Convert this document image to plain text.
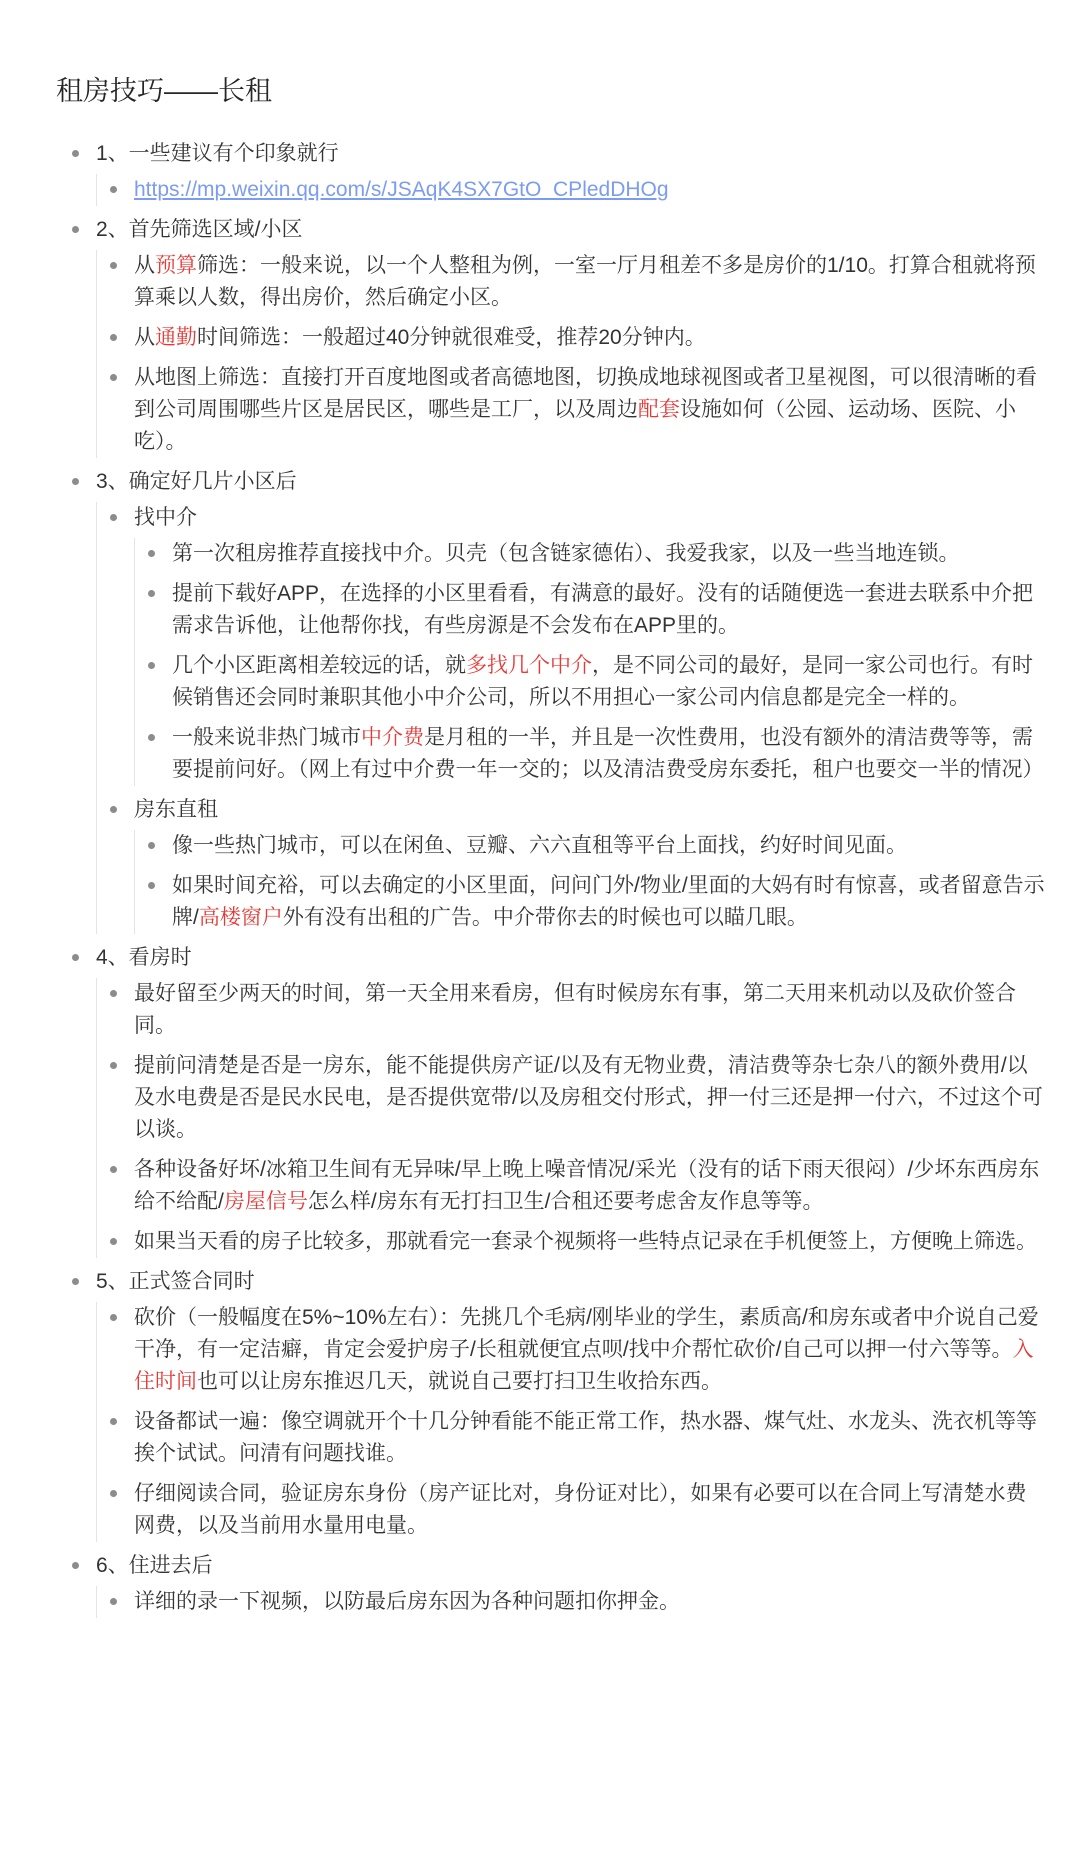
租房技巧——长租
1、一些建议有个印象就行
https://mp.weixin.qq.com/s/JSAqK4SX7GtO_CPledDHOg
2、首先筛选区域/小区
从预算筛选：一般来说，以一个人整租为例，一室一厅月租差不多是房价的1/10。打算合租就将预算乘以人数，得出房价，然后确定小区。
从通勤时间筛选：一般超过40分钟就很难受，推荐20分钟内。
从地图上筛选：直接打开百度地图或者高德地图，切换成地球视图或者卫星视图，可以很清晰的看到公司周围哪些片区是居民区，哪些是工厂，以及周边配套设施如何（公园、运动场、医院、小吃）。
3、确定好几片小区后
找中介
第一次租房推荐直接找中介。贝壳（包含链家德佑）、我爱我家，以及一些当地连锁。
提前下载好APP，在选择的小区里看看，有满意的最好。没有的话随便选一套进去联系中介把需求告诉他，让他帮你找，有些房源是不会发布在APP里的。
几个小区距离相差较远的话，就多找几个中介，是不同公司的最好，是同一家公司也行。有时候销售还会同时兼职其他小中介公司，所以不用担心一家公司内信息都是完全一样的。
一般来说非热门城市中介费是月租的一半，并且是一次性费用，也没有额外的清洁费等等，需要提前问好。（网上有过中介费一年一交的；以及清洁费受房东委托，租户也要交一半的情况）
房东直租
像一些热门城市，可以在闲鱼、豆瓣、六六直租等平台上面找，约好时间见面。
如果时间充裕，可以去确定的小区里面，问问门外/物业/里面的大妈有时有惊喜，或者留意告示牌/高楼窗户外有没有出租的广告。中介带你去的时候也可以瞄几眼。
4、看房时
最好留至少两天的时间，第一天全用来看房，但有时候房东有事，第二天用来机动以及砍价签合同。
提前问清楚是否是一房东，能不能提供房产证/以及有无物业费，清洁费等杂七杂八的额外费用/以及水电费是否是民水民电，是否提供宽带/以及房租交付形式，押一付三还是押一付六，不过这个可以谈。
各种设备好坏/冰箱卫生间有无异味/早上晚上噪音情况/采光（没有的话下雨天很闷）/少坏东西房东给不给配/房屋信号怎么样/房东有无打扫卫生/合租还要考虑舍友作息等等。
如果当天看的房子比较多，那就看完一套录个视频将一些特点记录在手机便签上，方便晚上筛选。
5、正式签合同时
砍价（一般幅度在5%~10%左右）：先挑几个毛病/刚毕业的学生，素质高/和房东或者中介说自己爱干净，有一定洁癖，肯定会爱护房子/长租就便宜点呗/找中介帮忙砍价/自己可以押一付六等等。入住时间也可以让房东推迟几天，就说自己要打扫卫生收拾东西。
设备都试一遍：像空调就开个十几分钟看能不能正常工作，热水器、煤气灶、水龙头、洗衣机等等挨个试试。问清有问题找谁。
仔细阅读合同，验证房东身份（房产证比对，身份证对比），如果有必要可以在合同上写清楚水费网费，以及当前用水量用电量。
6、住进去后
详细的录一下视频，以防最后房东因为各种问题扣你押金。
